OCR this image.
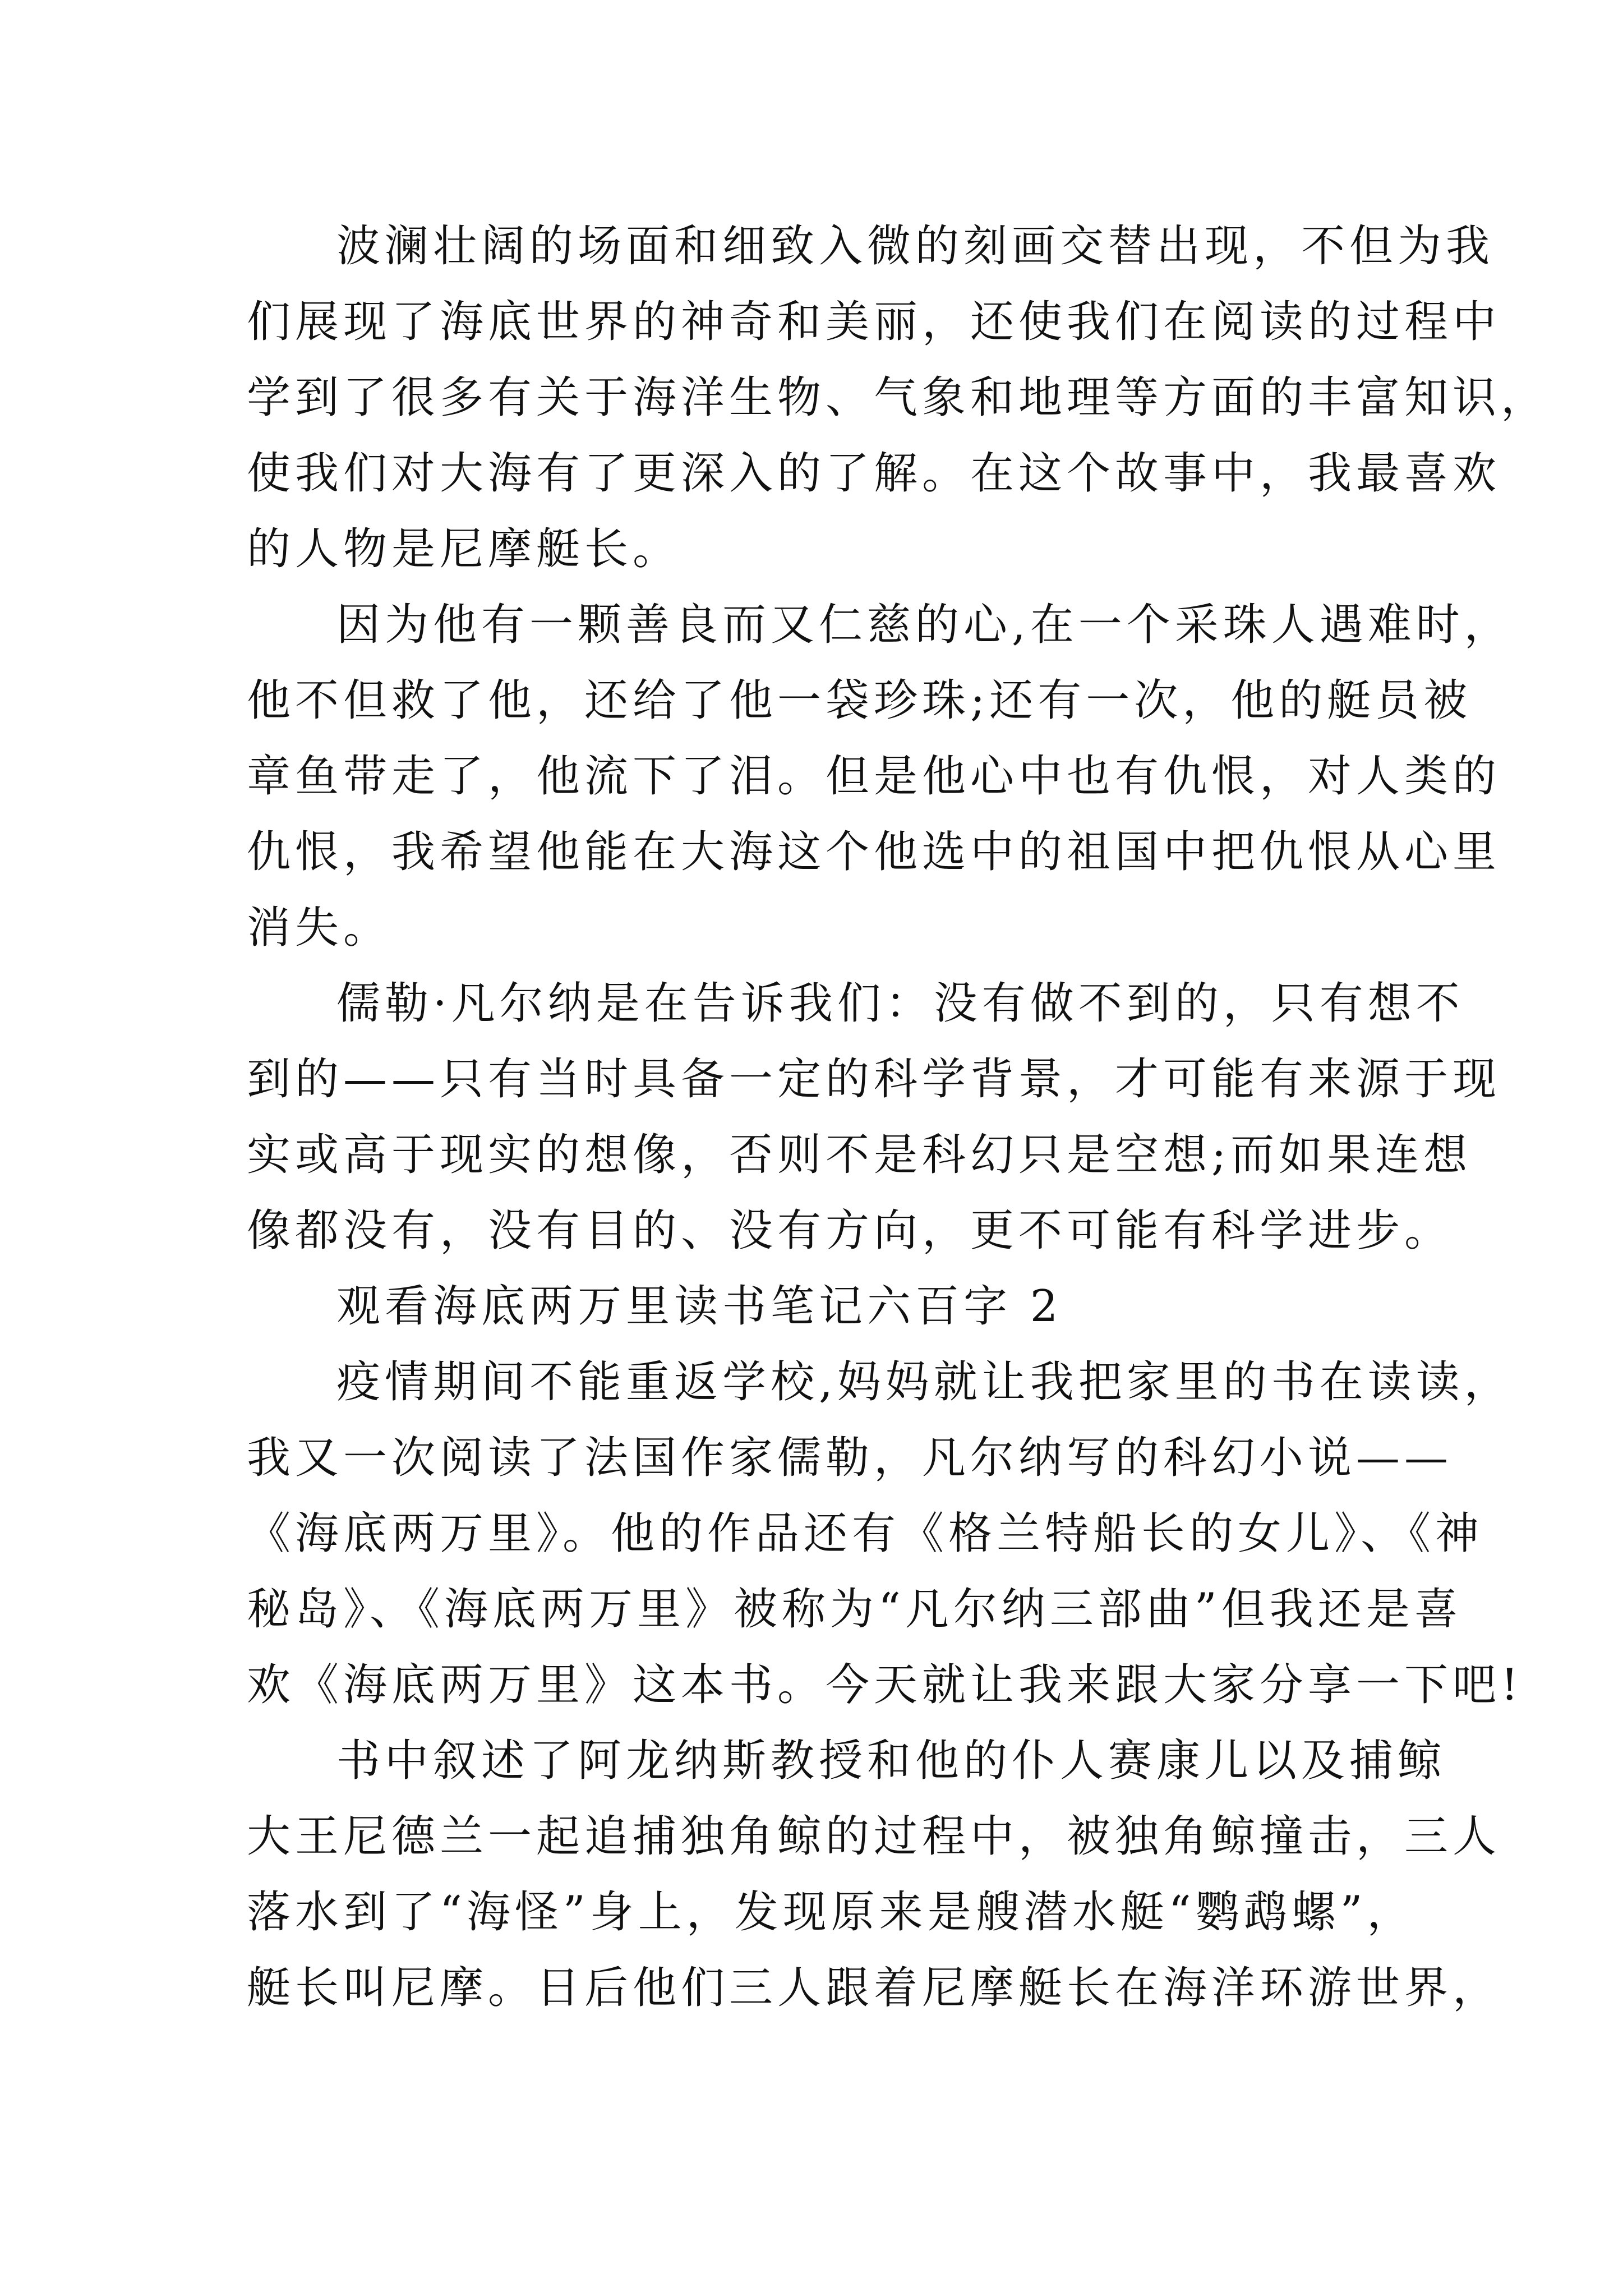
波澜壮阔的场面和细致入微的刻画交替出现，不但为我
们展现了海底世界的神奇和美丽，还使我们在阅读的过程中
学到了很多有关于海洋生物、气象和地理等方面的丰富知识，
使我们对大海有了更深入的了解。在这个故事中，我最喜欢
的人物是尼摩艇长。
因为他有一颗善良而又仁慈的心,在一个采珠人遇难时，
他不但救了他，还给了他一袋珍珠;还有一次，他的艇员被
章鱼带走了，他流下了泪。但是他心中也有仇恨，对人类的
仇恨，我希望他能在大海这个他选中的祖国中把仇恨从心里
消失。
儒勒·凡尔纳是在告诉我们：没有做不到的，只有想不
到的——只有当时具备一定的科学背景，才可能有来源于现
实或高于现实的想像，否则不是科幻只是空想;而如果连想
像都没有，没有目的、没有方向，更不可能有科学进步。
观看海底两万里读书笔记六百字 2
疫情期间不能重返学校,妈妈就让我把家里的书在读读，
我又一次阅读了法国作家儒勒，凡尔纳写的科幻小说——
《海底两万里》。他的作品还有《格兰特船长的女儿》、《神
秘岛》、《海底两万里》被称为“凡尔纳三部曲”但我还是喜
欢《海底两万里》这本书。今天就让我来跟大家分享一下吧!
书中叙述了阿龙纳斯教授和他的仆人赛康儿以及捕鲸
大王尼德兰一起追捕独角鲸的过程中，被独角鲸撞击，三人
落水到了“海怪”身上，发现原来是艘潜水艇“鹦鹉螺”，
艇长叫尼摩。日后他们三人跟着尼摩艇长在海洋环游世界，
